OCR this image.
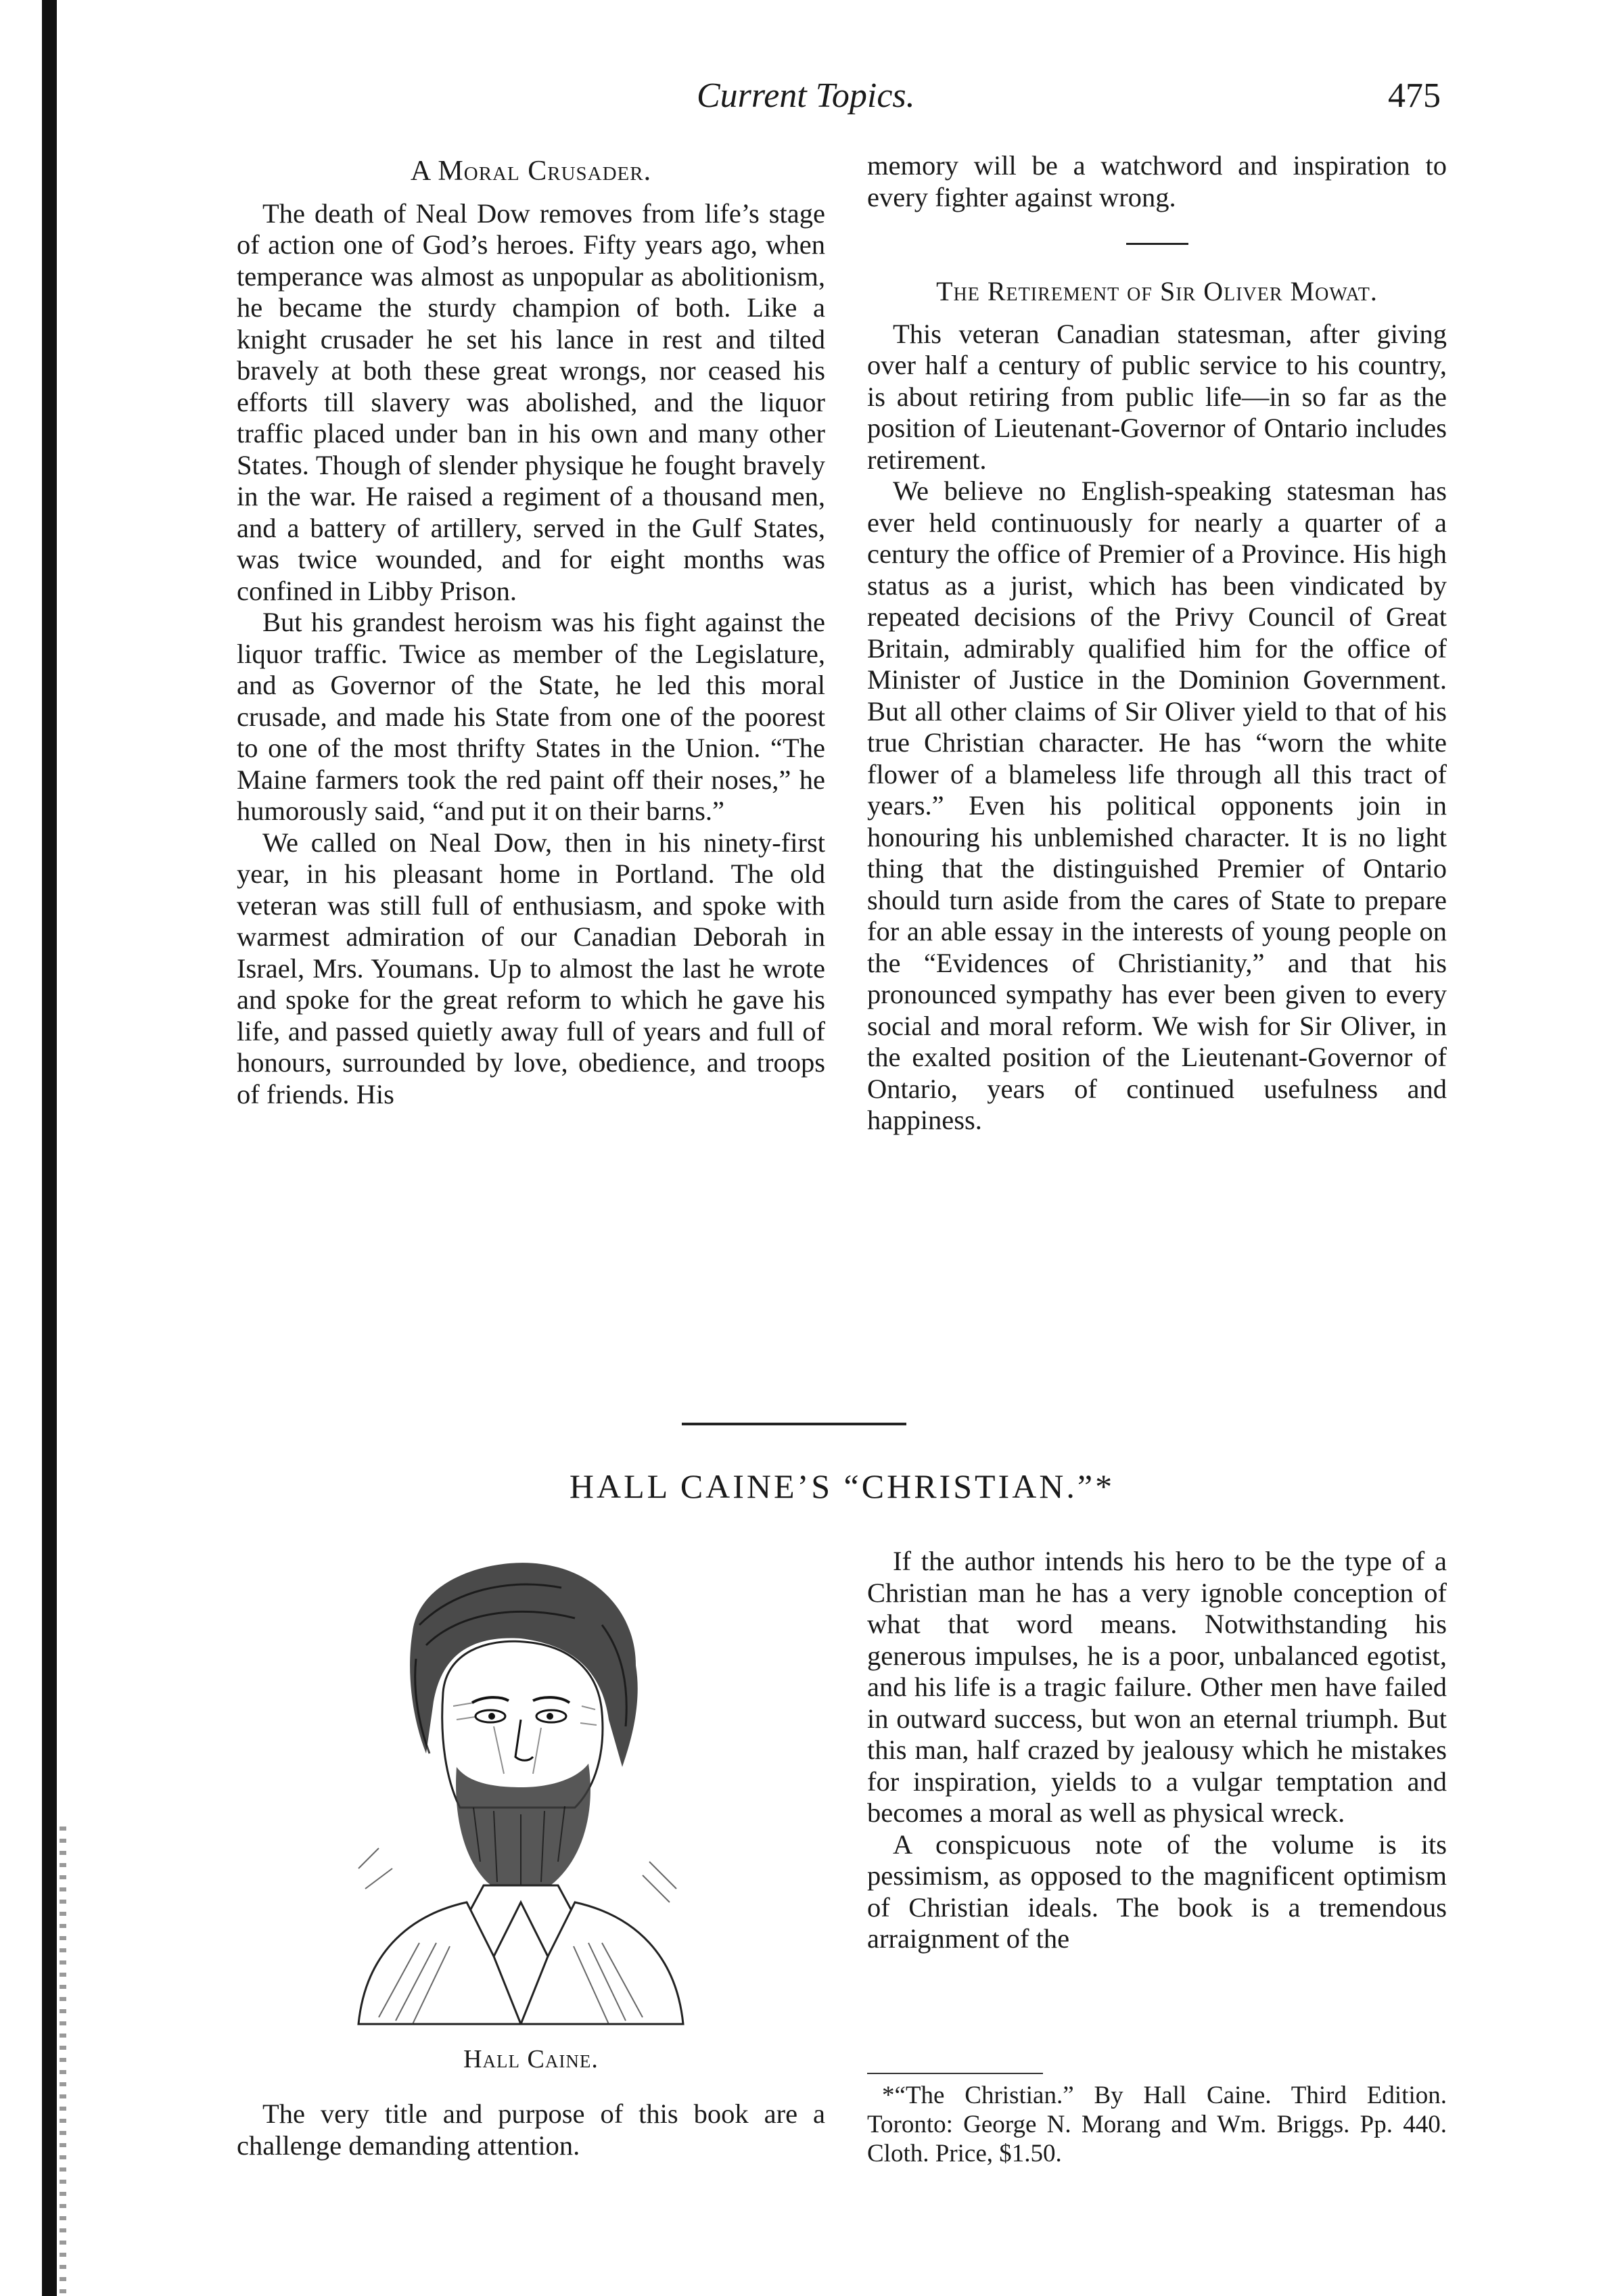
Current Topics.	475
A Moral Crusader.

The death of Neal Dow removes from life’s stage of action one of God’s heroes. Fifty years ago, when temperance was almost as unpopular as abolitionism, he became the sturdy champion of both. Like a knight crusader he set his lance in rest and tilted bravely at both these great wrongs, nor ceased his efforts till slavery was abolished, and the liquor traffic placed under ban in his own and many other States. Though of slender physique he fought bravely in the war. He raised a regiment of a thousand men, and a battery of artillery, served in the Gulf States, was twice wounded, and for eight months was confined in Libby Prison.

But his grandest heroism was his fight against the liquor traffic. Twice as member of the Legislature, and as Governor of the State, he led this moral crusade, and made his State from one of the poorest to one of the most thrifty States in the Union. “The Maine farmers took the red paint off their noses,” he humorously said, “and put it on their barns.”

We called on Neal Dow, then in his ninety-first year, in his pleasant home in Portland. The old veteran was still full of enthusiasm, and spoke with warmest admiration of our Canadian Deborah in Israel, Mrs. Youmans. Up to almost the last he wrote and spoke for the great reform to which he gave his life, and passed quietly away full of years and full of honours, surrounded by love, obedience, and troops of friends. His

memory will be a watchword and inspiration to every fighter against wrong.

The Retirement of Sir Oliver Mowat.

This veteran Canadian statesman, after giving over half a century of public service to his country, is about retiring from public life—in so far as the position of Lieutenant-Governor of Ontario includes retirement.

We believe no English-speaking statesman has ever held continuously for nearly a quarter of a century the office of Premier of a Province. His high status as a jurist, which has been vindicated by repeated decisions of the Privy Council of Great Britain, admirably qualified him for the office of Minister of Justice in the Dominion Government. But all other claims of Sir Oliver yield to that of his true Christian character. He has “worn the white flower of a blameless life through all this tract of years.” Even his political opponents join in honouring his unblemished character. It is no light thing that the distinguished Premier of Ontario should turn aside from the cares of State to prepare for an able essay in the interests of young people on the “Evidences of Christianity,” and that his pronounced sympathy has ever been given to every social and moral reform. We wish for Sir Oliver, in the exalted position of the Lieutenant-Governor of Ontario, years of continued usefulness and happiness.

HALL CAINE’S “CHRISTIAN.”*
Hall Caine.

The very title and purpose of this book are a challenge demanding attention.

If the author intends his hero to be the type of a Christian man he has a very ignoble conception of what that word means. Notwithstanding his generous impulses, he is a poor, unbalanced egotist, and his life is a tragic failure. Other men have failed in outward success, but won an eternal triumph. But this man, half crazed by jealousy which he mistakes for inspiration, yields to a vulgar temptation and becomes a moral as well as physical wreck.

A conspicuous note of the volume is its pessimism, as opposed to the magnificent optimism of Christian ideals. The book is a tremendous arraignment of the

*“The Christian.” By Hall Caine. Third Edition. Toronto: George N. Morang and Wm. Briggs. Pp. 440. Cloth. Price, $1.50.
